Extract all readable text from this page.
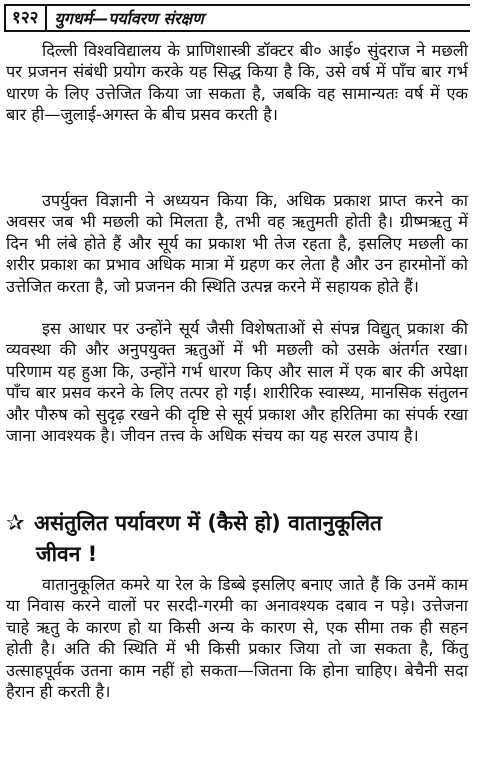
१२२	युगधर्म—पर्यावरण संरक्षण

दिल्ली विश्वविद्यालय के प्राणिशास्त्री डॉक्टर बी० आई० सुंदराज ने मछली पर प्रजनन संबंधी प्रयोग करके यह सिद्ध किया है कि, उसे वर्ष में पाँच बार गर्भ धारण के लिए उत्तेजित किया जा सकता है, जबकि वह सामान्यतः वर्ष में एक बार ही—जुलाई-अगस्त के बीच प्रसव करती है।

उपर्युक्त विज्ञानी ने अध्ययन किया कि, अधिक प्रकाश प्राप्त करने का अवसर जब भी मछली को मिलता है, तभी वह ऋतुमती होती है। ग्रीष्मऋतु में दिन भी लंबे होते हैं और सूर्य का प्रकाश भी तेज रहता है, इसलिए मछली का शरीर प्रकाश का प्रभाव अधिक मात्रा में ग्रहण कर लेता है और उन हारमोनों को उत्तेजित करता है, जो प्रजनन की स्थिति उत्पन्न करने में सहायक होते हैं।

इस आधार पर उन्होंने सूर्य जैसी विशेषताओं से संपन्न विद्युत् प्रकाश की व्यवस्था की और अनुपयुक्त ऋतुओं में भी मछली को उसके अंतर्गत रखा। परिणाम यह हुआ कि, उन्होंने गर्भ धारण किए और साल में एक बार की अपेक्षा पाँच बार प्रसव करने के लिए तत्पर हो गईं। शारीरिक स्वास्थ्य, मानसिक संतुलन और पौरुष को सुदृढ़ रखने की दृष्टि से सूर्य प्रकाश और हरितिमा का संपर्क रखा जाना आवश्यक है। जीवन तत्त्व के अधिक संचय का यह सरल उपाय है।

✰ असंतुलित पर्यावरण में (कैसे हो) वातानुकूलित
जीवन !

वातानुकूलित कमरे या रेल के डिब्बे इसलिए बनाए जाते हैं कि उनमें काम या निवास करने वालों पर सरदी-गरमी का अनावश्यक दबाव न पड़े। उत्तेजना चाहे ऋतु के कारण हो या किसी अन्य के कारण से, एक सीमा तक ही सहन होती है। अति की स्थिति में भी किसी प्रकार जिया तो जा सकता है, किंतु उत्साहपूर्वक उतना काम नहीं हो सकता—जितना कि होना चाहिए। बेचैनी सदा हैरान ही करती है।
